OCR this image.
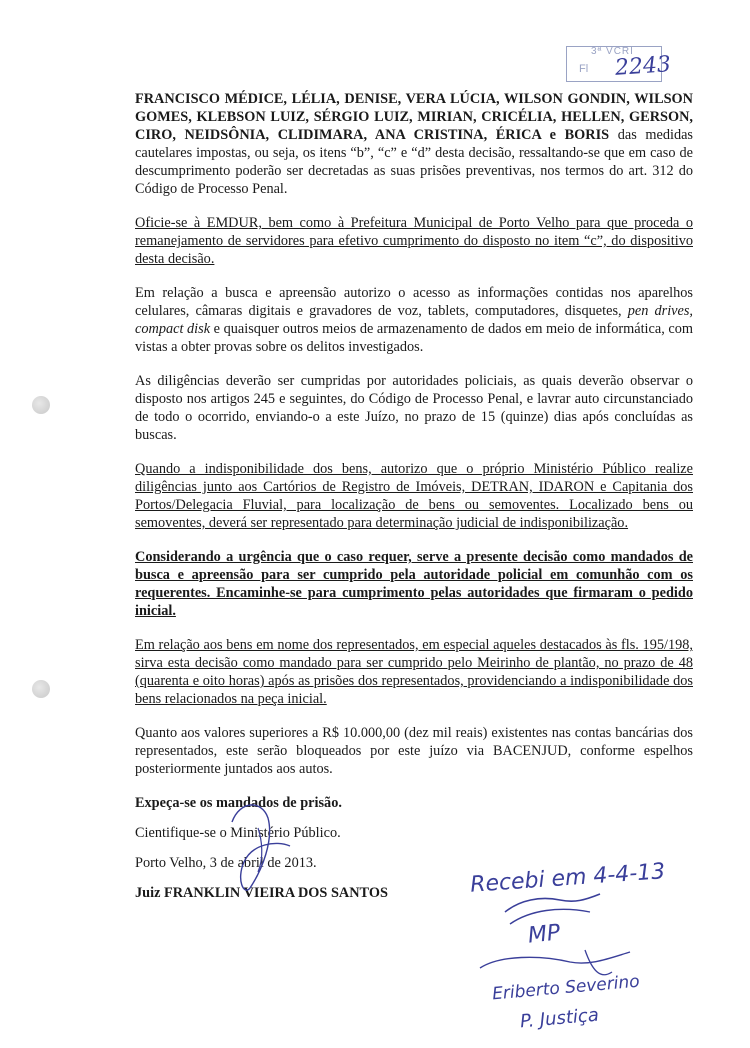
3ª VCRI
Fl 2243

FRANCISCO MÉDICE, LÉLIA, DENISE, VERA LÚCIA, WILSON GONDIN, WILSON GOMES, KLEBSON LUIZ, SÉRGIO LUIZ, MIRIAN, CRICÉLIA, HELLEN, GERSON, CIRO, NEIDSÔNIA, CLIDIMARA, ANA CRISTINA, ÉRICA e BORIS das medidas cautelares impostas, ou seja, os itens “b”, “c” e “d” desta decisão, ressaltando-se que em caso de descumprimento poderão ser decretadas as suas prisões preventivas, nos termos do art. 312 do Código de Processo Penal.

Oficie-se à EMDUR, bem como à Prefeitura Municipal de Porto Velho para que proceda o remanejamento de servidores para efetivo cumprimento do disposto no item “c”, do dispositivo desta decisão.

Em relação a busca e apreensão autorizo o acesso as informações contidas nos aparelhos celulares, câmaras digitais e gravadores de voz, tablets, computadores, disquetes, pen drives, compact disk e quaisquer outros meios de armazenamento de dados em meio de informática, com vistas a obter provas sobre os delitos investigados.

As diligências deverão ser cumpridas por autoridades policiais, as quais deverão observar o disposto nos artigos 245 e seguintes, do Código de Processo Penal, e lavrar auto circunstanciado de todo o ocorrido, enviando-o a este Juízo, no prazo de 15 (quinze) dias após concluídas as buscas.

Quando a indisponibilidade dos bens, autorizo que o próprio Ministério Público realize diligências junto aos Cartórios de Registro de Imóveis, DETRAN, IDARON e Capitania dos Portos/Delegacia Fluvial, para localização de bens ou semoventes. Localizado bens ou semoventes, deverá ser representado para determinação judicial de indisponibilização.

Considerando a urgência que o caso requer, serve a presente decisão como mandados de busca e apreensão para ser cumprido pela autoridade policial em comunhão com os requerentes. Encaminhe-se para cumprimento pelas autoridades que firmaram o pedido inicial.

Em relação aos bens em nome dos representados, em especial aqueles destacados às fls. 195/198, sirva esta decisão como mandado para ser cumprido pelo Meirinho de plantão, no prazo de 48 (quarenta e oito horas) após as prisões dos representados, providenciando a indisponibilidade dos bens relacionados na peça inicial.

Quanto aos valores superiores a R$ 10.000,00 (dez mil reais) existentes nas contas bancárias dos representados, este serão bloqueados por este juízo via BACENJUD, conforme espelhos posteriormente juntados aos autos.

Expeça-se os mandados de prisão.

Cientifique-se o Ministério Público.

Porto Velho, 3 de abril de 2013.

Juiz FRANKLIN VIEIRA DOS SANTOS	Recebi em 4-4-13
MP
Eriberto Severino
P. Justiça
